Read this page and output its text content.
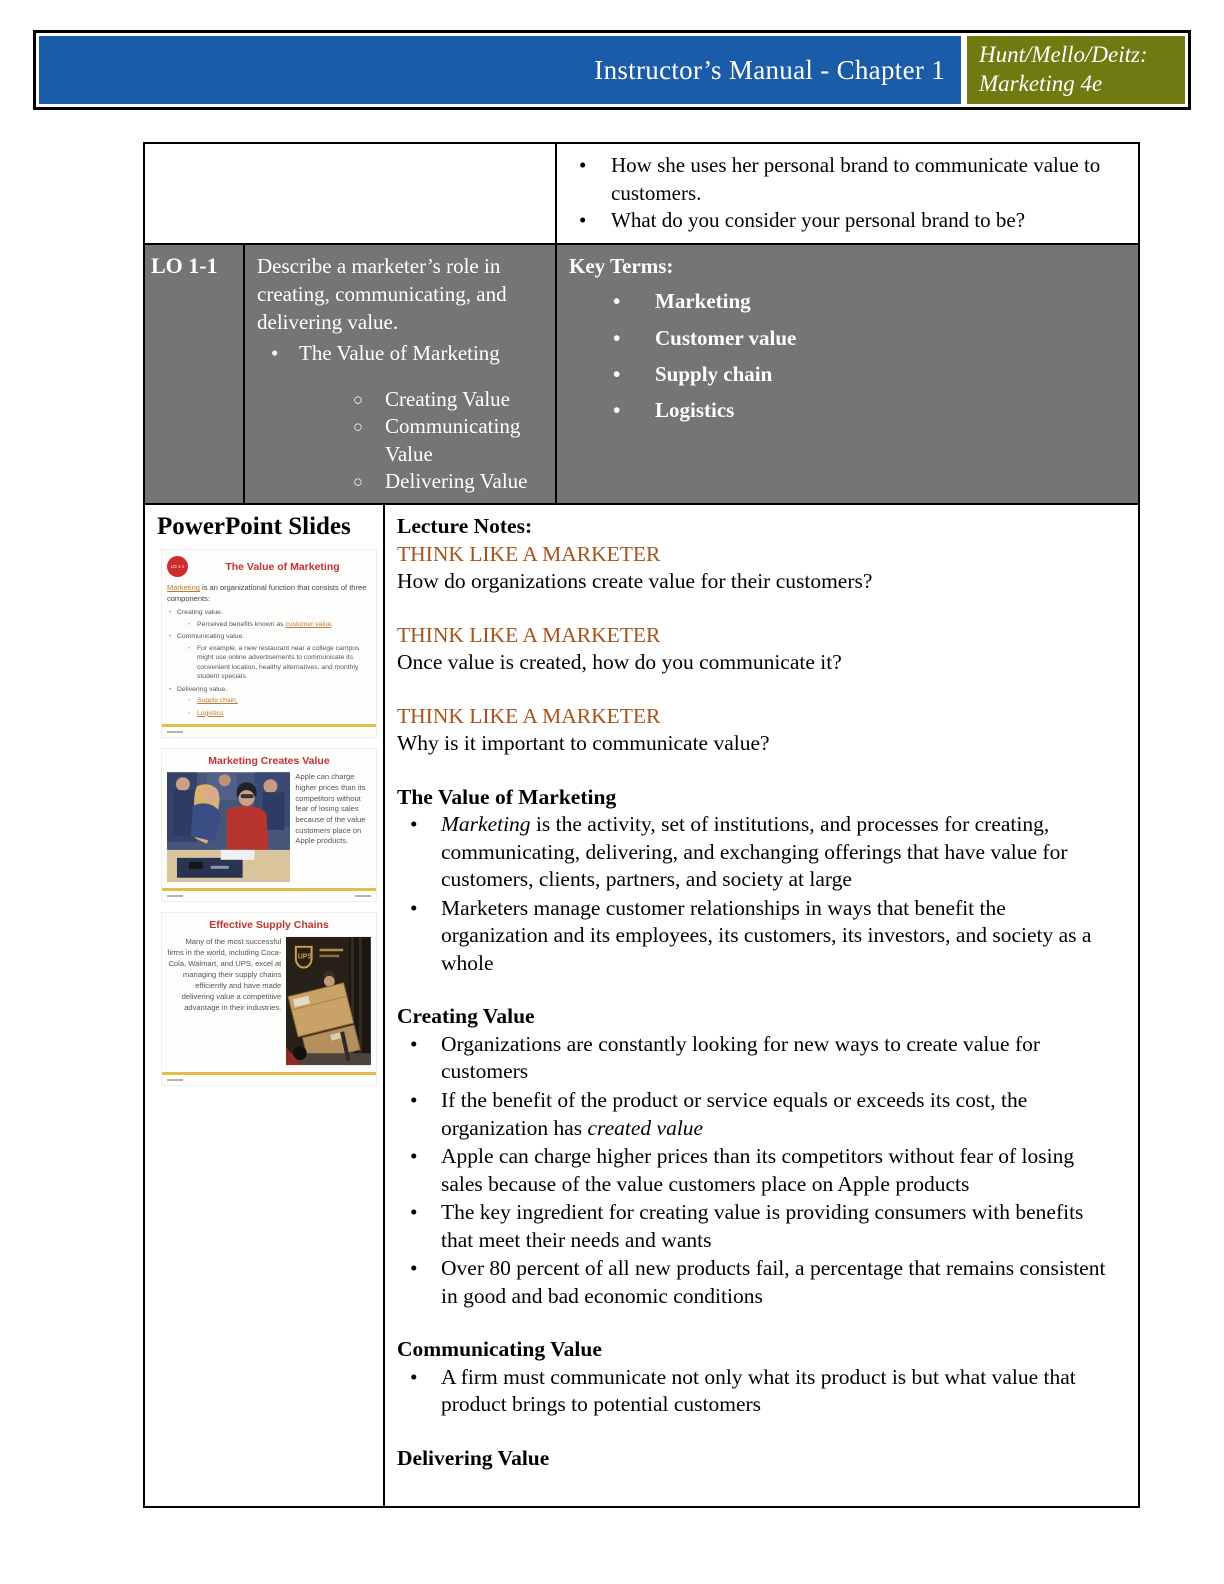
Instructor’s Manual - Chapter 1 Hunt/Mello/Deitz:
Marketing 4e
• How she uses her personal brand to communicate value to customers.
• What do you consider your personal brand to be?
LO 1-1	Describe a marketer’s role in creating, communicating, and delivering value.
• The Value of Marketing
○ Creating Value
○ Communicating Value
○ Delivering Value
Key Terms:
• Marketing
• Customer value
• Supply chain
• Logistics
PowerPoint Slides
LO 1-1	The Value of Marketing

Marketing is an organizational function that consists of three components:

• Creating value.
• Perceived benefits known as customer value.
• Communicating value.
• For example, a new restaurant near a college campus might use online advertisements to communicate its convenient location, healthy alternatives, and monthly student specials.
• Delivering value.
• Supply chain.
• Logistics
Marketing Creates Value

Apple can charge higher prices than its competitors without fear of losing sales because of the value customers place on Apple products.

Effective Supply Chains

Many of the most successful firms in the world, including Coca-Cola, Walmart, and UPS, excel at managing their supply chains efficiently and have made delivering value a competitive advantage in their industries.

UPS
Lecture Notes:
THINK LIKE A MARKETER
How do organizations create value for their customers?
THINK LIKE A MARKETER
Once value is created, how do you communicate it?
THINK LIKE A MARKETER
Why is it important to communicate value?
The Value of Marketing
• Marketing is the activity, set of institutions, and processes for creating, communicating, delivering, and exchanging offerings that have value for customers, clients, partners, and society at large
• Marketers manage customer relationships in ways that benefit the organization and its employees, its customers, its investors, and society as a whole
Creating Value
• Organizations are constantly looking for new ways to create value for customers
• If the benefit of the product or service equals or exceeds its cost, the organization has created value
• Apple can charge higher prices than its competitors without fear of losing sales because of the value customers place on Apple products
• The key ingredient for creating value is providing consumers with benefits that meet their needs and wants
• Over 80 percent of all new products fail, a percentage that remains consistent in good and bad economic conditions
Communicating Value
• A firm must communicate not only what its product is but what value that product brings to potential customers
Delivering Value
